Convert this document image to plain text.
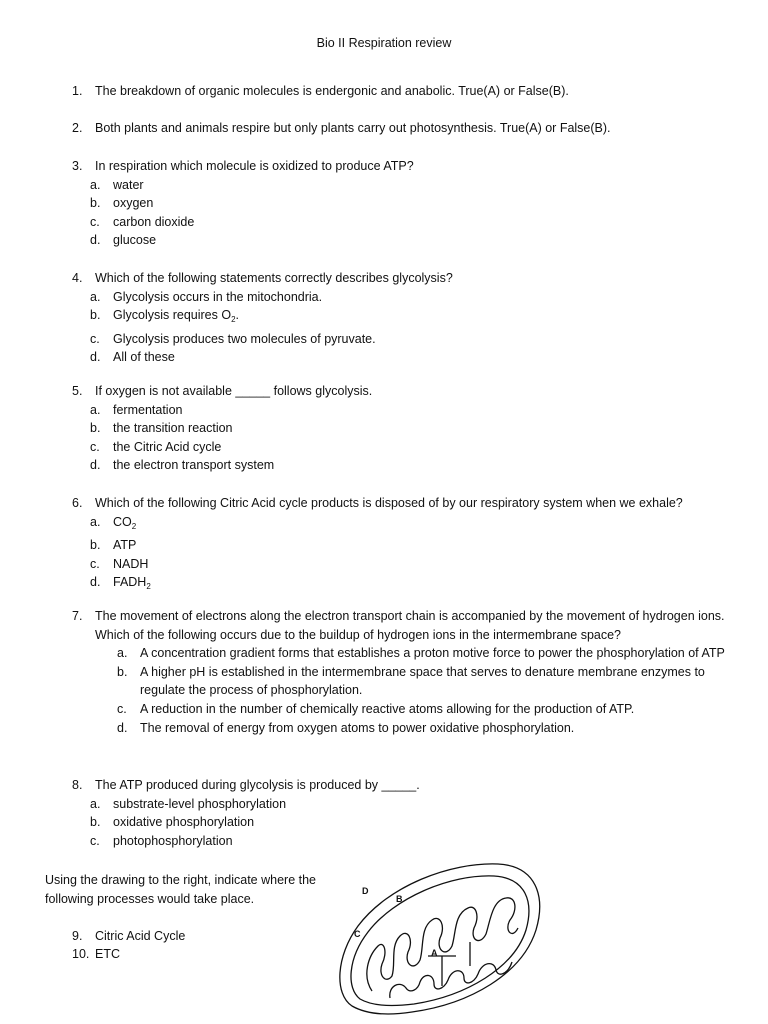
Bio II Respiration review
1.	The breakdown of organic molecules is endergonic and anabolic. True(A) or False(B).
2.	Both plants and animals respire but only plants carry out photosynthesis. True(A) or False(B).
3.	In respiration which molecule is oxidized to produce ATP?
a. water
b. oxygen
c. carbon dioxide
d. glucose
4.	Which of the following statements correctly describes glycolysis?
a. Glycolysis occurs in the mitochondria.
b. Glycolysis requires $O_2$.
c. Glycolysis produces two molecules of pyruvate.
d. All of these
5.	If oxygen is not available _____ follows glycolysis.
a. fermentation
b. the transition reaction
c. the Citric Acid cycle
d. the electron transport system
6.	Which of the following Citric Acid cycle products is disposed of by our respiratory system when we exhale?
a. $CO_2$
b. ATP
c. NADH
d. $FADH_2$
7.	The movement of electrons along the electron transport chain is accompanied by the movement of hydrogen ions. Which of the following occurs due to the buildup of hydrogen ions in the intermembrane space?
a. A concentration gradient forms that establishes a proton motive force to power the phosphorylation of ATP
b. A higher pH is established in the intermembrane space that serves to denature membrane enzymes to regulate the process of phosphorylation.
c. A reduction in the number of chemically reactive atoms allowing for the production of ATP.
d. The removal of energy from oxygen atoms to power oxidative phosphorylation.
8.	The ATP produced during glycolysis is produced by _____.
a. substrate-level phosphorylation
b. oxidative phosphorylation
c. photophosphorylation
Using the drawing to the right, indicate where the following processes would take place.
9. Citric Acid Cycle
10. ETC
D
B
C
A
